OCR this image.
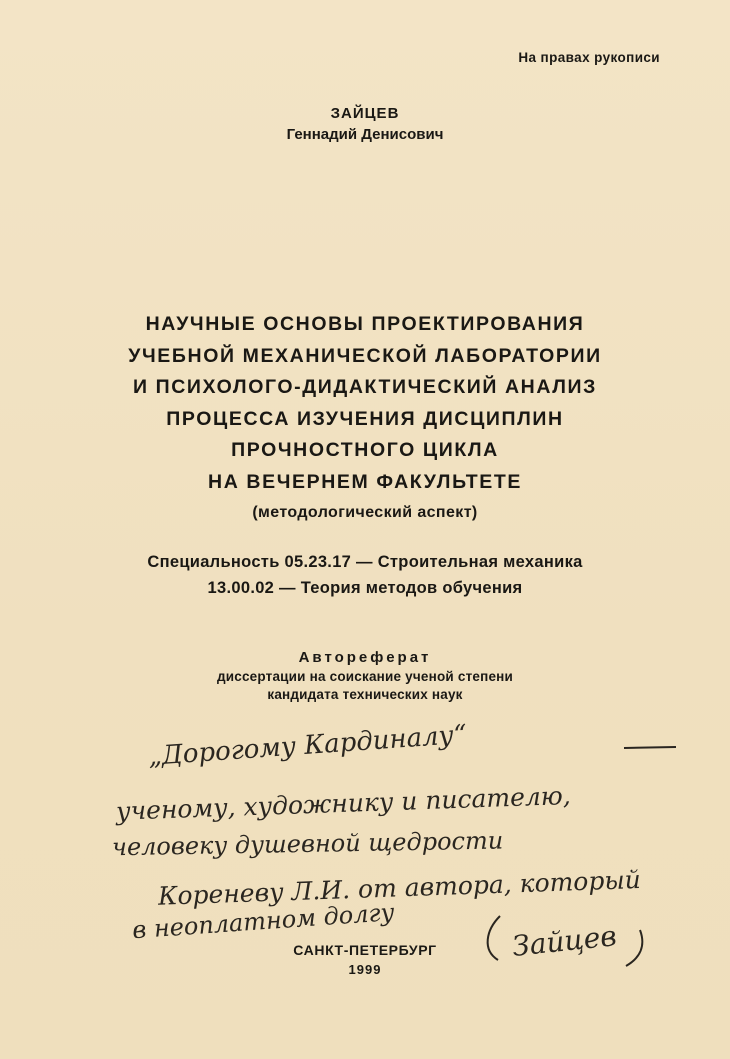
На правах рукописи
ЗАЙЦЕВ
Геннадий Денисович
НАУЧНЫЕ ОСНОВЫ ПРОЕКТИРОВАНИЯ
УЧЕБНОЙ МЕХАНИЧЕСКОЙ ЛАБОРАТОРИИ
И ПСИХОЛОГО-ДИДАКТИЧЕСКИЙ АНАЛИЗ
ПРОЦЕССА ИЗУЧЕНИЯ ДИСЦИПЛИН
ПРОЧНОСТНОГО ЦИКЛА
НА ВЕЧЕРНЕМ ФАКУЛЬТЕТЕ
(методологический аспект)
Специальность 05.23.17 — Строительная механика
13.00.02 — Теория методов обучения
Автореферат
диссертации на соискание ученой степени
кандидата технических наук
„Дорогому Кардиналу“
ученому, художнику и писателю,
человеку душевной щедрости
Кореневу Л.И. от автора, который
в неоплатном долгу	Зайцев
САНКТ-ПЕТЕРБУРГ
1999
